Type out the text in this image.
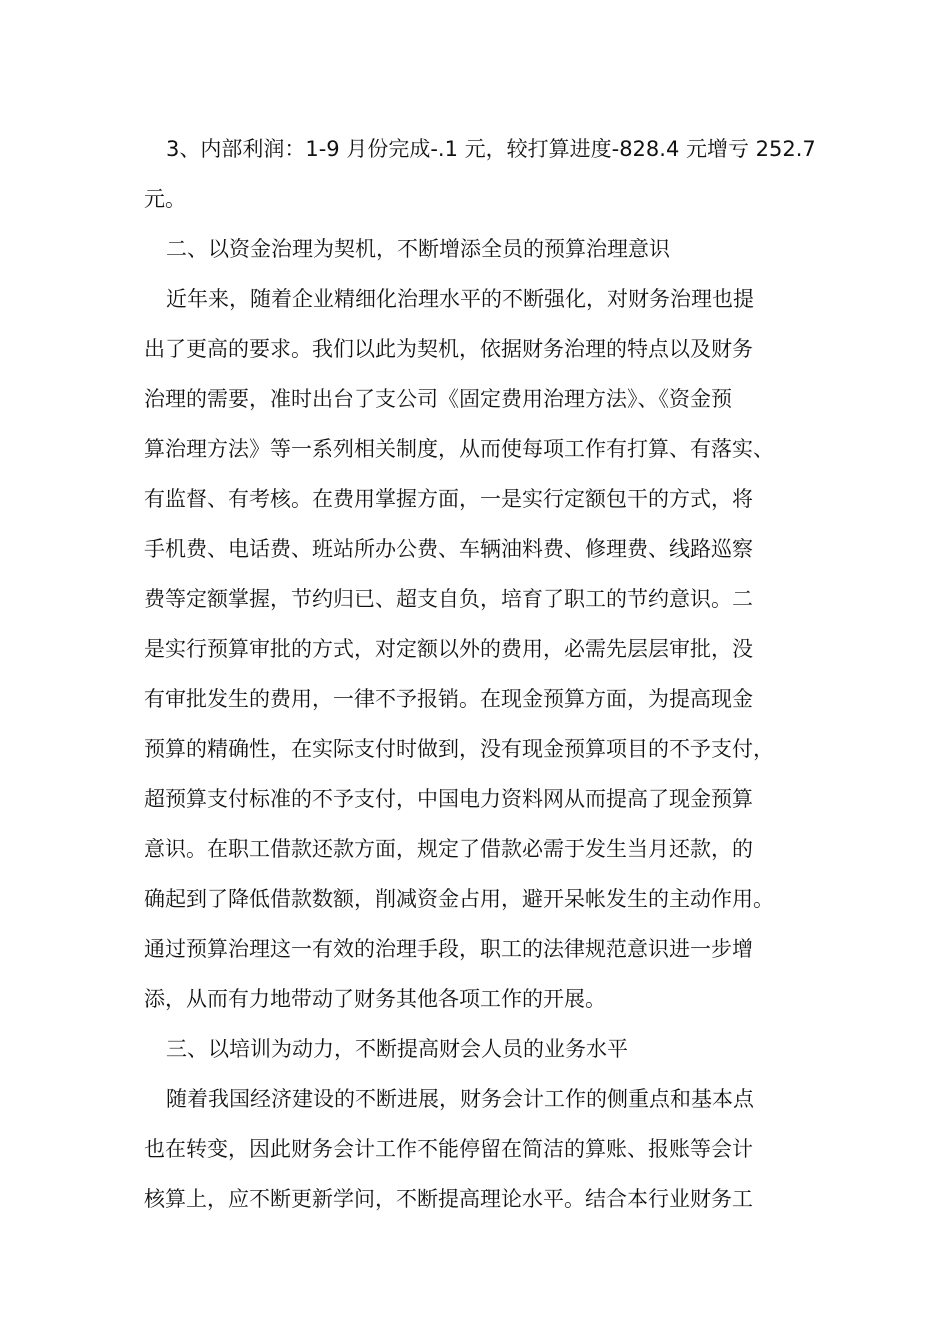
3、内部利润：1-9 月份完成-.1 元，较打算进度-828.4 元增亏 252.7
元。
二、以资金治理为契机，不断增添全员的预算治理意识
近年来，随着企业精细化治理水平的不断强化，对财务治理也提
出了更高的要求。我们以此为契机，依据财务治理的特点以及财务
治理的需要，准时出台了支公司《固定费用治理方法》、《资金预
算治理方法》等一系列相关制度，从而使每项工作有打算、有落实、
有监督、有考核。在费用掌握方面，一是实行定额包干的方式，将
手机费、电话费、班站所办公费、车辆油料费、修理费、线路巡察
费等定额掌握，节约归已、超支自负，培育了职工的节约意识。二
是实行预算审批的方式，对定额以外的费用，必需先层层审批，没
有审批发生的费用，一律不予报销。在现金预算方面，为提高现金
预算的精确性，在实际支付时做到，没有现金预算项目的不予支付，
超预算支付标准的不予支付，中国电力资料网从而提高了现金预算
意识。在职工借款还款方面，规定了借款必需于发生当月还款，的
确起到了降低借款数额，削减资金占用，避开呆帐发生的主动作用。
通过预算治理这一有效的治理手段，职工的法律规范意识进一步增
添，从而有力地带动了财务其他各项工作的开展。
三、以培训为动力，不断提高财会人员的业务水平
随着我国经济建设的不断进展，财务会计工作的侧重点和基本点
也在转变，因此财务会计工作不能停留在简洁的算账、报账等会计
核算上，应不断更新学问，不断提高理论水平。结合本行业财务工
